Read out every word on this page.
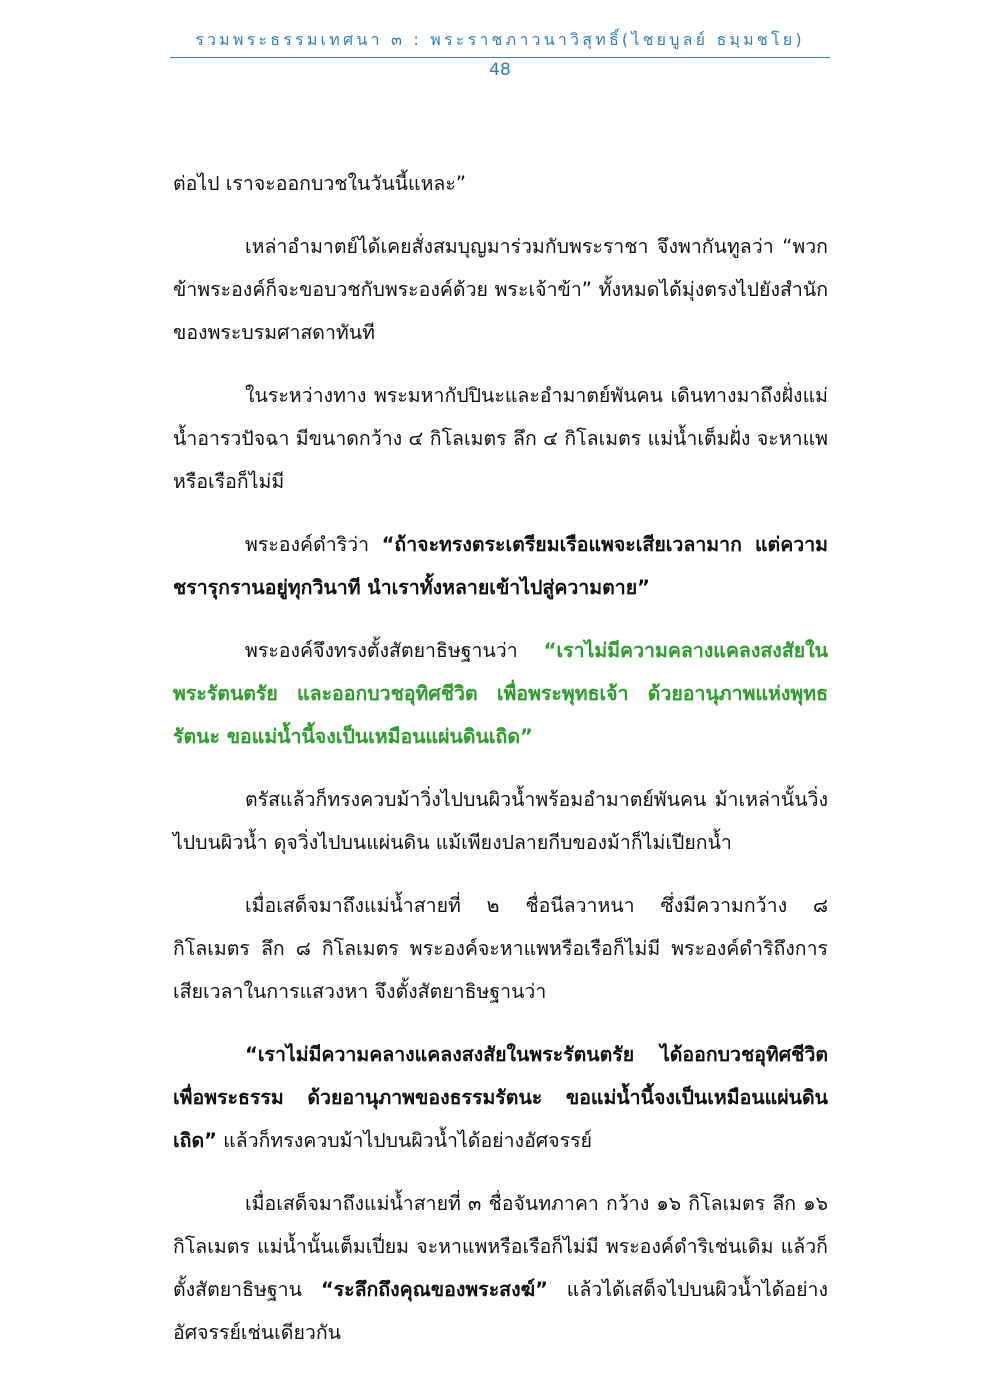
รวมพระธรรมเทศนา ๓ : พระราชภาวนาวิสุทธิ์(ไชยบูลย์ ธมฺมชโย)
48

ต่อไป เราจะออกบวชในวันนี้แหละ”

เหล่าอำมาตย์ได้เคยสั่งสมบุญมาร่วมกับพระราชา จึงพากันทูลว่า “พวกข้าพระองค์ก็จะขอบวชกับพระองค์ด้วย พระเจ้าข้า” ทั้งหมดได้มุ่งตรงไปยังสำนักของพระบรมศาสดาทันที

ในระหว่างทาง พระมหากัปปินะและอำมาตย์พันคน เดินทางมาถึงฝั่งแม่น้ำอารวปัจฉา มีขนาดกว้าง ๔ กิโลเมตร ลึก ๔ กิโลเมตร แม่น้ำเต็มฝั่ง จะหาแพหรือเรือก็ไม่มี

พระองค์ดำริว่า “ถ้าจะทรงตระเตรียมเรือแพจะเสียเวลามาก แต่ความชรารุกรานอยู่ทุกวินาที นำเราทั้งหลายเข้าไปสู่ความตาย”

พระองค์จึงทรงตั้งสัตยาธิษฐานว่า “เราไม่มีความคลางแคลงสงสัยในพระรัตนตรัย และออกบวชอุทิศชีวิต เพื่อพระพุทธเจ้า ด้วยอานุภาพแห่งพุทธรัตนะ ขอแม่น้ำนี้จงเป็นเหมือนแผ่นดินเถิด”

ตรัสแล้วก็ทรงควบม้าวิ่งไปบนผิวน้ำพร้อมอำมาตย์พันคน ม้าเหล่านั้นวิ่งไปบนผิวน้ำ ดุจวิ่งไปบนแผ่นดิน แม้เพียงปลายกีบของม้าก็ไม่เปียกน้ำ

เมื่อเสด็จมาถึงแม่น้ำสายที่ ๒ ชื่อนีลวาหนา ซึ่งมีความกว้าง ๘ กิโลเมตร ลึก ๘ กิโลเมตร พระองค์จะหาแพหรือเรือก็ไม่มี พระองค์ดำริถึงการเสียเวลาในการแสวงหา จึงตั้งสัตยาธิษฐานว่า

“เราไม่มีความคลางแคลงสงสัยในพระรัตนตรัย ได้ออกบวชอุทิศชีวิตเพื่อพระธรรม ด้วยอานุภาพของธรรมรัตนะ ขอแม่น้ำนี้จงเป็นเหมือนแผ่นดินเถิด” แล้วก็ทรงควบม้าไปบนผิวน้ำได้อย่างอัศจรรย์

เมื่อเสด็จมาถึงแม่น้ำสายที่ ๓ ชื่อจันทภาคา กว้าง ๑๖ กิโลเมตร ลึก ๑๖ กิโลเมตร แม่น้ำนั้นเต็มเปี่ยม จะหาแพหรือเรือก็ไม่มี พระองค์ดำริเช่นเดิม แล้วก็ตั้งสัตยาธิษฐาน “ระลึกถึงคุณของพระสงฆ์” แล้วได้เสด็จไปบนผิวน้ำได้อย่างอัศจรรย์เช่นเดียวกัน
